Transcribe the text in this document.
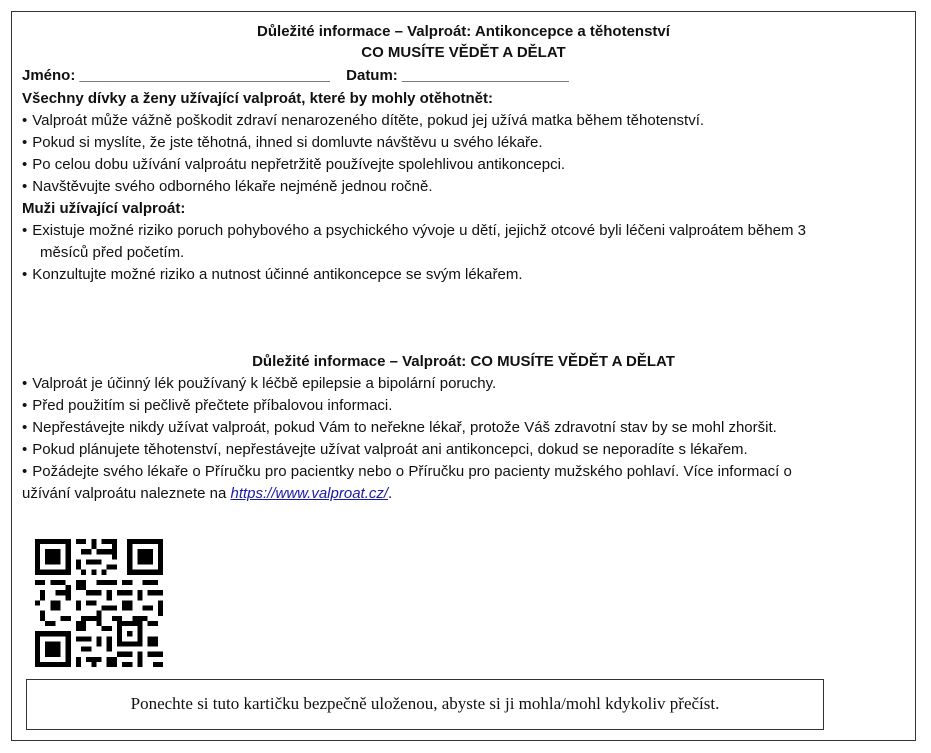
Důležité informace – Valproát: Antikoncepce a těhotenství
CO MUSÍTE VĚDĚT A DĚLAT
Jméno: ______________________________ Datum: ____________________
Všechny dívky a ženy užívající valproát, které by mohly otěhotnět:
• Valproát může vážně poškodit zdraví nenarozeného dítěte, pokud jej užívá matka během těhotenství.
• Pokud si myslíte, že jste těhotná, ihned si domluvte návštěvu u svého lékaře.
• Po celou dobu užívání valproátu nepřetržitě používejte spolehlivou antikoncepci.
• Navštěvujte svého odborného lékaře nejméně jednou ročně.
Muži užívající valproát:
• Existuje možné riziko poruch pohybového a psychického vývoje u dětí, jejichž otcové byli léčeni valproátem během 3
měsíců před početím.
• Konzultujte možné riziko a nutnost účinné antikoncepce se svým lékařem.
Důležité informace – Valproát: CO MUSÍTE VĚDĚT A DĚLAT
• Valproát je účinný lék používaný k léčbě epilepsie a bipolární poruchy.
• Před použitím si pečlivě přečtete příbalovou informaci.
• Nepřestávejte nikdy užívat valproát, pokud Vám to neřekne lékař, protože Váš zdravotní stav by se mohl zhoršit.
• Pokud plánujete těhotenství, nepřestávejte užívat valproát ani antikoncepci, dokud se neporadíte s lékařem.
• Požádejte svého lékaře o Příručku pro pacientky nebo o Příručku pro pacienty mužského pohlaví. Více informací o
užívání valproátu naleznete na https://www.valproat.cz/.
Ponechte si tuto kartičku bezpečně uloženou, abyste si ji mohla/mohl kdykoliv přečíst.
